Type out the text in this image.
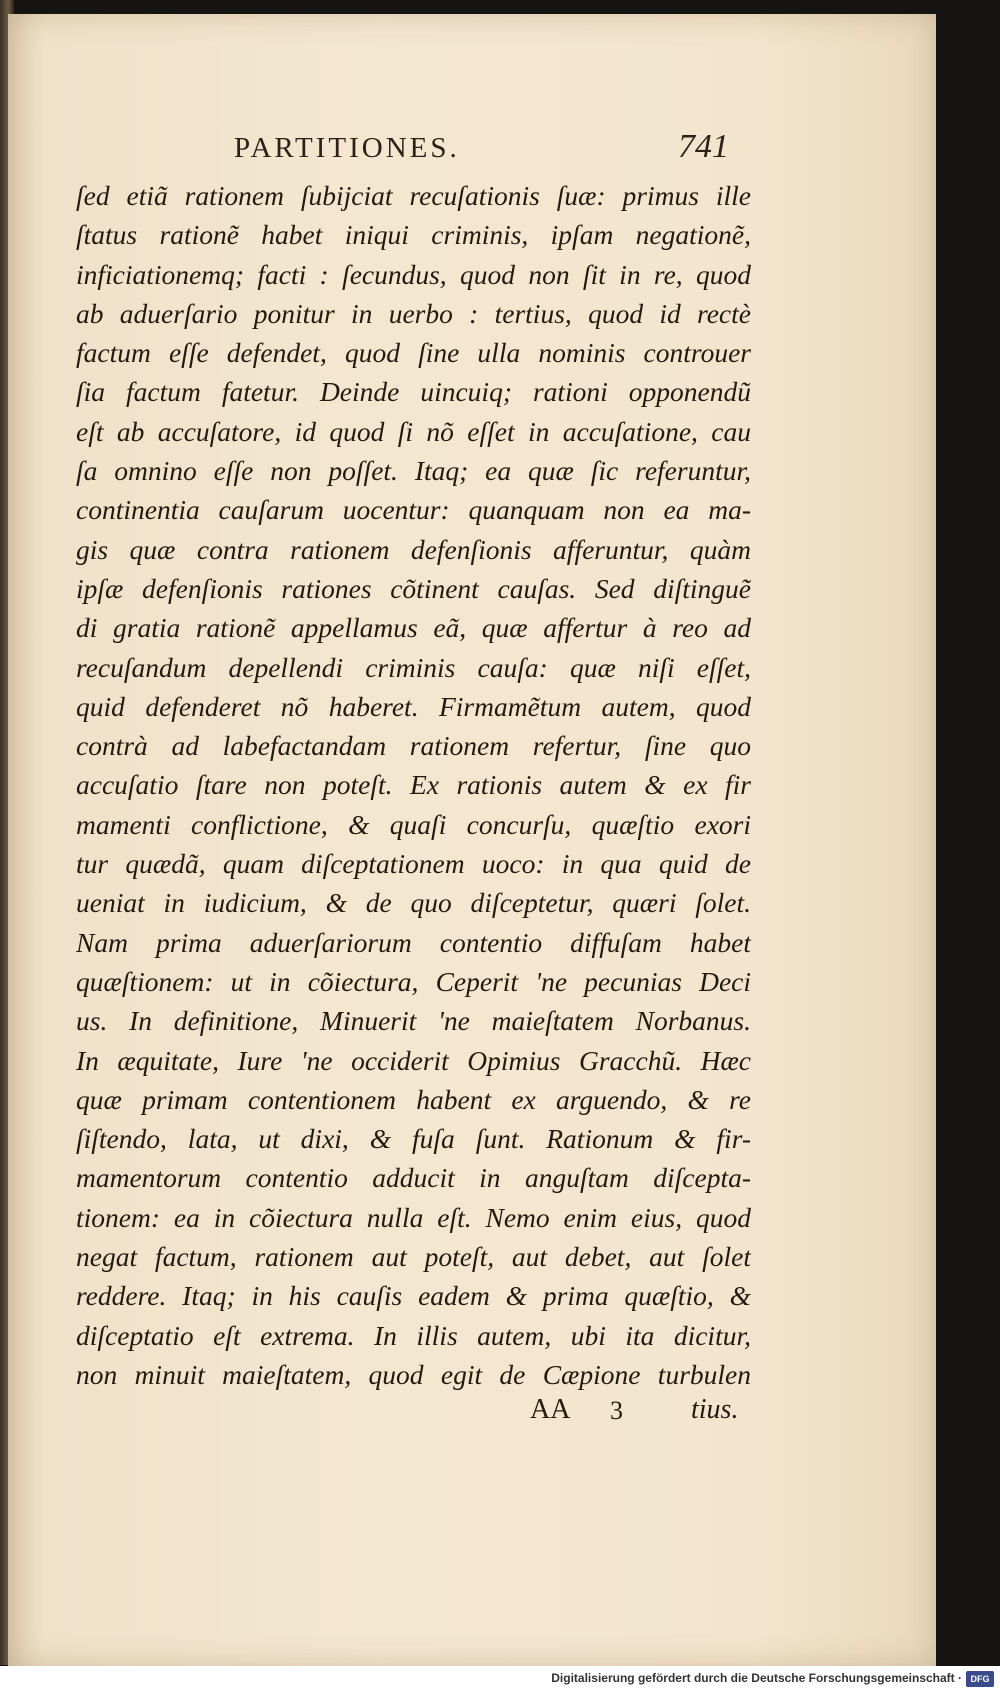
PARTITIONES.	741
ſed etiã rationem ſubijciat recuſationis ſuæ: primus ille
ſtatus rationẽ habet iniqui criminis, ipſam negationẽ,
inficiationemq; facti : ſecundus, quod non ſit in re, quod
ab aduerſario ponitur in uerbo : tertius, quod id rectè
factum eſſe defendet, quod ſine ulla nominis controuer
ſia factum fatetur. Deinde uincuiq; rationi opponendũ
eſt ab accuſatore, id quod ſi nõ eſſet in accuſatione, cau
ſa omnino eſſe non poſſet. Itaq; ea quæ ſic referuntur,
continentia cauſarum uocentur: quanquam non ea ma-
gis quæ contra rationem defenſionis afferuntur, quàm
ipſæ defenſionis rationes cõtinent cauſas. Sed diſtinguẽ
di gratia rationẽ appellamus eã, quæ affertur à reo ad
recuſandum depellendi criminis cauſa: quæ niſi eſſet,
quid defenderet nõ haberet. Firmamẽtum autem, quod
contrà ad labefactandam rationem refertur, ſine quo
accuſatio ſtare non poteſt. Ex rationis autem & ex fir
mamenti conflictione, & quaſi concurſu, quæſtio exori
tur quædã, quam diſceptationem uoco: in qua quid de
ueniat in iudicium, & de quo diſceptetur, quæri ſolet.
Nam prima aduerſariorum contentio diffuſam habet
quæſtionem: ut in cõiectura, Ceperit 'ne pecunias Deci
us. In definitione, Minuerit 'ne maieſtatem Norbanus.
In æquitate, Iure 'ne occiderit Opimius Gracchũ. Hæc
quæ primam contentionem habent ex arguendo, & re
ſiſtendo, lata, ut dixi, & fuſa ſunt. Rationum & fir-
mamentorum contentio adducit in anguſtam diſcepta-
tionem: ea in cõiectura nulla eſt. Nemo enim eius, quod
negat factum, rationem aut poteſt, aut debet, aut ſolet
reddere. Itaq; in his cauſis eadem & prima quæſtio, &
diſceptatio eſt extrema. In illis autem, ubi ita dicitur,
non minuit maieſtatem, quod egit de Cæpione turbulen
AA 3 tius.
Digitalisierung gefördert durch die Deutsche Forschungsgemeinschaft · DFG
